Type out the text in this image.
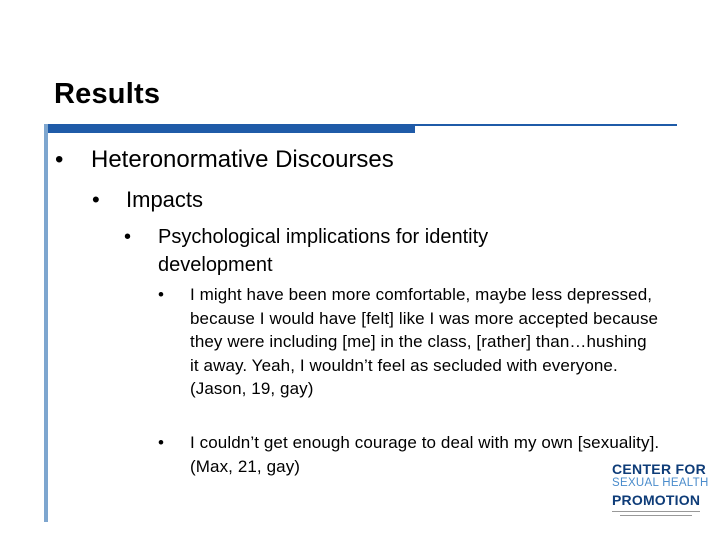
Results
•	Heteronormative Discourses
•	Impacts
•	Psychological implications for identity development
•	I might have been more comfortable, maybe less depressed, because I would have [felt] like I was more accepted because they were including [me] in the class, [rather] than…hushing it away. Yeah, I wouldn’t feel as secluded with everyone. (Jason, 19, gay)
•	I couldn’t get enough courage to deal with my own [sexuality]. (Max, 21, gay)	CENTER FOR
SEXUAL HEALTH
PROMOTION
